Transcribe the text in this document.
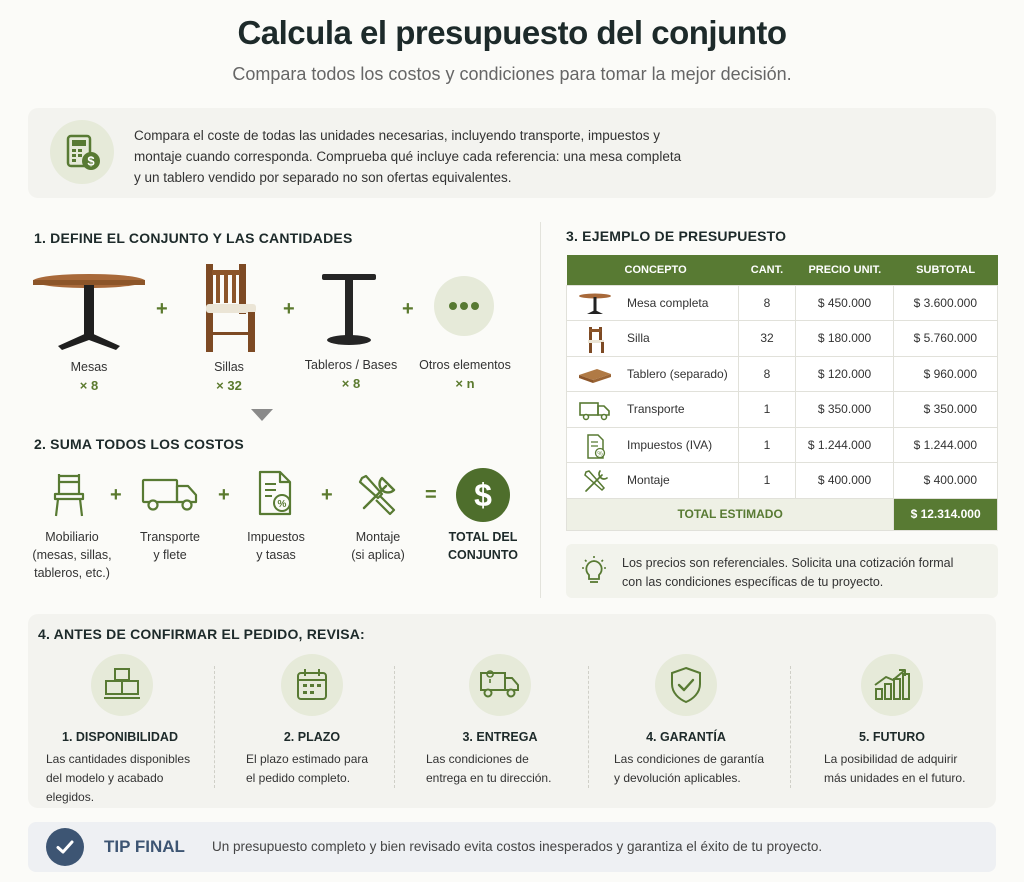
Calcula el presupuesto del conjunto
Compara todos los costos y condiciones para tomar la mejor decisión.
$
Compara el coste de todas las unidades necesarias, incluyendo transporte, impuestos y
montaje cuando corresponda. Comprueba qué incluye cada referencia: una mesa completa
y un tablero vendido por separado no son ofertas equivalentes.
1. DEFINE EL CONJUNTO Y LAS CANTIDADES
Mesas
× 8
+
Sillas
× 32
+
Tableros / Bases
× 8
+
Otros elementos
× n
2. SUMA TODOS LOS COSTOS
Mobiliario
(mesas, sillas,
tableros, etc.)
+
Transporte
y flete
+	%
Impuestos
y tasas
+
Montaje
(si aplica)
= $
TOTAL DEL
CONJUNTO
3. EJEMPLO DE PRESUPUESTO
CONCEPTO	CANT.	PRECIO UNIT.	SUBTOTAL

Mesa completa	8	$ 450.000	$ 3.600.000

Silla	32	$ 180.000	$ 5.760.000

Tablero (separado)	8	$ 120.000	$ 960.000

Transporte	1	$ 350.000	$ 350.000

%
Impuestos (IVA)	1	$ 1.244.000	$ 1.244.000

Montaje	1	$ 400.000	$ 400.000
TOTAL ESTIMADO			$ 12.314.000
Los precios son referenciales. Solicita una cotización formal
con las condiciones específicas de tu proyecto.
4. ANTES DE CONFIRMAR EL PEDIDO, REVISA:
1. DISPONIBILIDAD
Las cantidades disponibles
del modelo y acabado
elegidos.
2. PLAZO
El plazo estimado para
el pedido completo.
3. ENTREGA
Las condiciones de
entrega en tu dirección.
4. GARANTÍA
Las condiciones de garantía
y devolución aplicables.
5. FUTURO
La posibilidad de adquirir
más unidades en el futuro.
TIP FINAL Un presupuesto completo y bien revisado evita costos inesperados y garantiza el éxito de tu proyecto.
